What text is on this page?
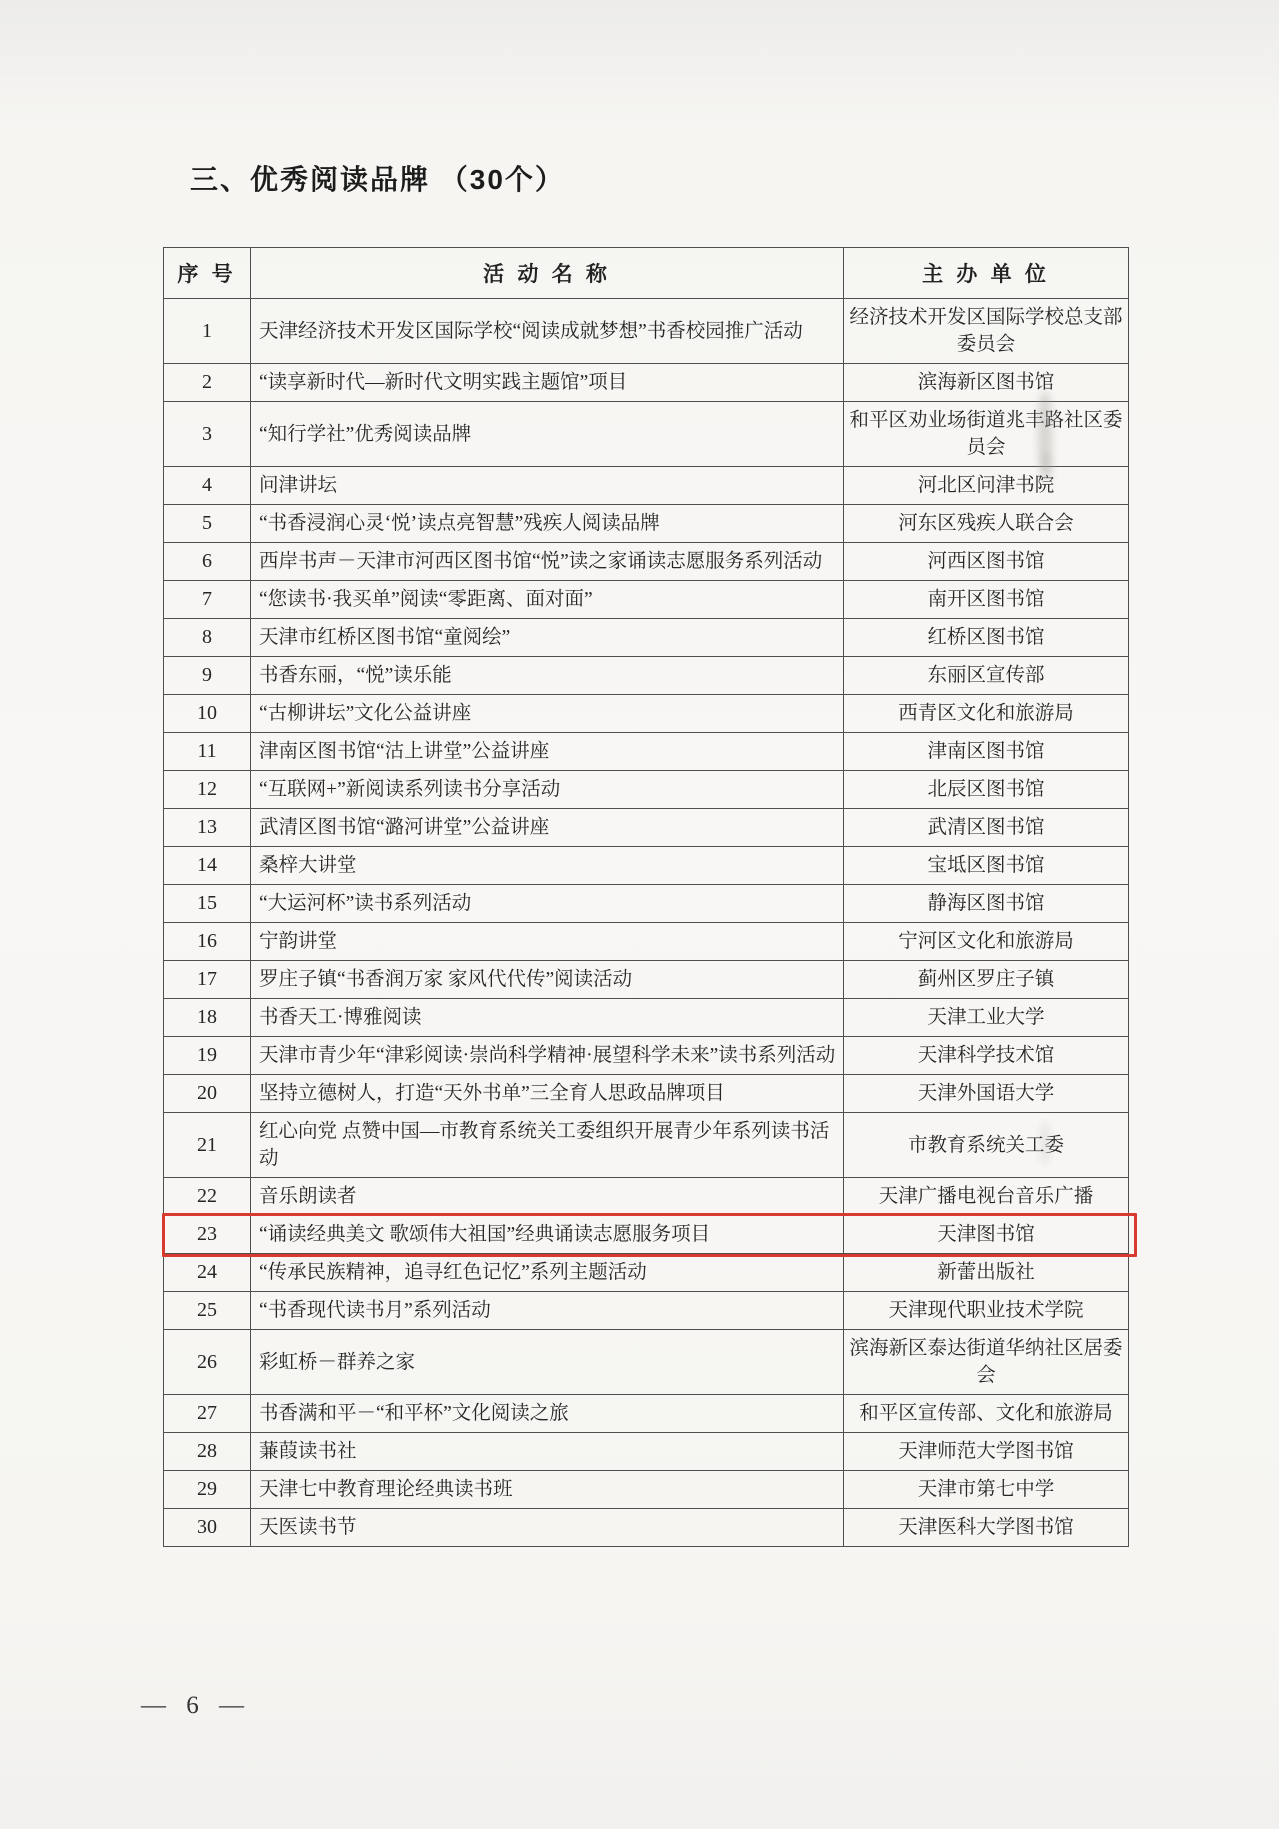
三、优秀阅读品牌 （30个）
序 号	活 动 名 称	主 办 单 位
1	天津经济技术开发区国际学校“阅读成就梦想”书香校园推广活动	经济技术开发区国际学校总支部委员会
2	“读享新时代—新时代文明实践主题馆”项目	滨海新区图书馆
3	“知行学社”优秀阅读品牌	和平区劝业场街道兆丰路社区委员会
4	问津讲坛	河北区问津书院
5	“书香浸润心灵‘悦’读点亮智慧”残疾人阅读品牌	河东区残疾人联合会
6	西岸书声－天津市河西区图书馆“悦”读之家诵读志愿服务系列活动	河西区图书馆
7	“您读书·我买单”阅读“零距离、面对面”	南开区图书馆
8	天津市红桥区图书馆“童阅绘”	红桥区图书馆
9	书香东丽，“悦”读乐能	东丽区宣传部
10	“古柳讲坛”文化公益讲座	西青区文化和旅游局
11	津南区图书馆“沽上讲堂”公益讲座	津南区图书馆
12	“互联网+”新阅读系列读书分享活动	北辰区图书馆
13	武清区图书馆“潞河讲堂”公益讲座	武清区图书馆
14	桑梓大讲堂	宝坻区图书馆
15	“大运河杯”读书系列活动	静海区图书馆
16	宁韵讲堂	宁河区文化和旅游局
17	罗庄子镇“书香润万家 家风代代传”阅读活动	蓟州区罗庄子镇
18	书香天工·博雅阅读	天津工业大学
19	天津市青少年“津彩阅读·崇尚科学精神·展望科学未来”读书系列活动	天津科学技术馆
20	坚持立德树人，打造“天外书单”三全育人思政品牌项目	天津外国语大学
21	红心向党 点赞中国—市教育系统关工委组织开展青少年系列读书活动	市教育系统关工委
22	音乐朗读者	天津广播电视台音乐广播
23	“诵读经典美文 歌颂伟大祖国”经典诵读志愿服务项目	天津图书馆
24	“传承民族精神，追寻红色记忆”系列主题活动	新蕾出版社
25	“书香现代读书月”系列活动	天津现代职业技术学院
26	彩虹桥－群养之家	滨海新区泰达街道华纳社区居委会
27	书香满和平－“和平杯”文化阅读之旅	和平区宣传部、文化和旅游局
28	蒹葭读书社	天津师范大学图书馆
29	天津七中教育理论经典读书班	天津市第七中学
30	天医读书节	天津医科大学图书馆
— 6 —
